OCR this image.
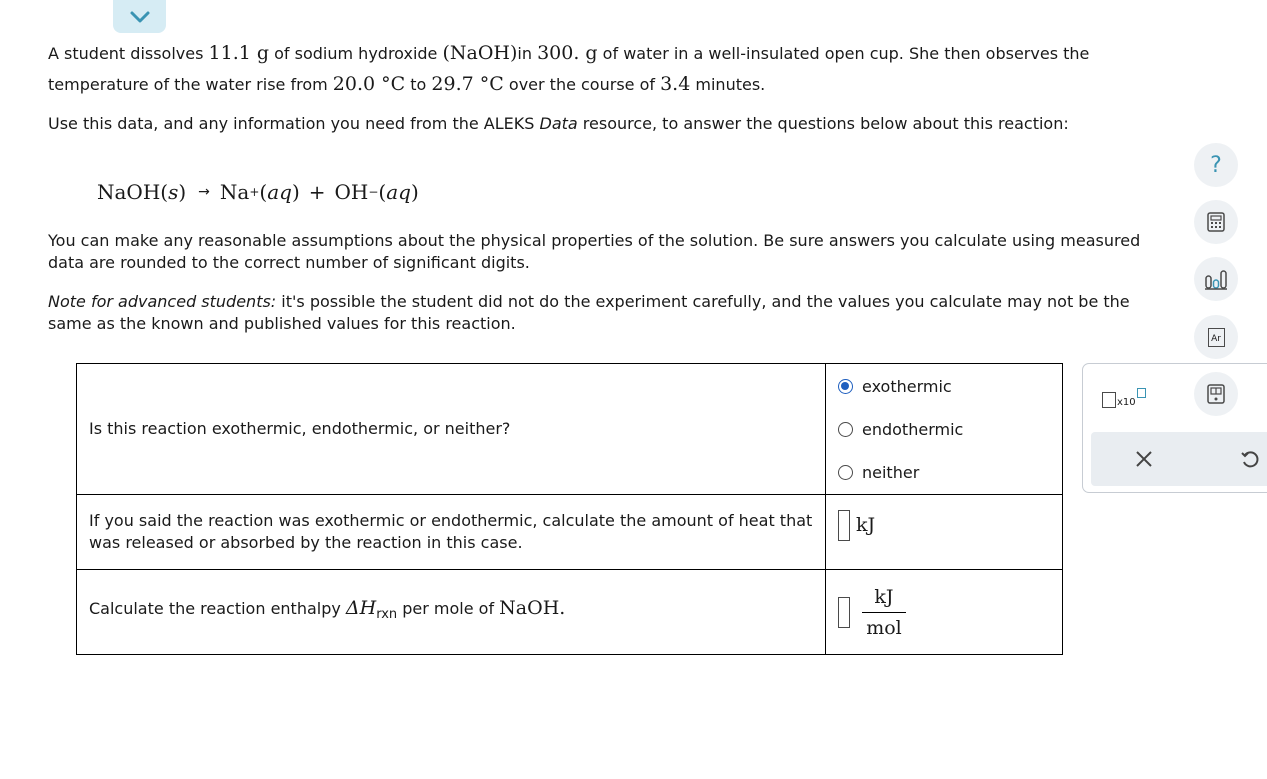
A student dissolves 11.1 g of sodium hydroxide (NaOH)in 300. g of water in a well-insulated open cup. She then observes the temperature of the water rise from 20.0 °C to 29.7 °C over the course of 3.4 minutes.

Use this data, and any information you need from the ALEKS Data resource, to answer the questions below about this reaction:

NaOH( s ) → Na + ( aq ) + OH − ( aq )

You can make any reasonable assumptions about the physical properties of the solution. Be sure answers you calculate using measured data are rounded to the correct number of significant digits.

Note for advanced students: it's possible the student did not do the experiment carefully, and the values you calculate may not be the same as the known and published values for this reaction.

Is this reaction exothermic, endothermic, or neither?	exothermic
endothermic
neither

If you said the reaction was exothermic or endothermic, calculate the amount of heat that was released or absorbed by the reaction in this case.	kJ

Calculate the reaction enthalpy $\Delta H_{rxn}$ per mole of NaOH.	$\frac{kJ}{\text{mol}}$
x10
?
Ar
